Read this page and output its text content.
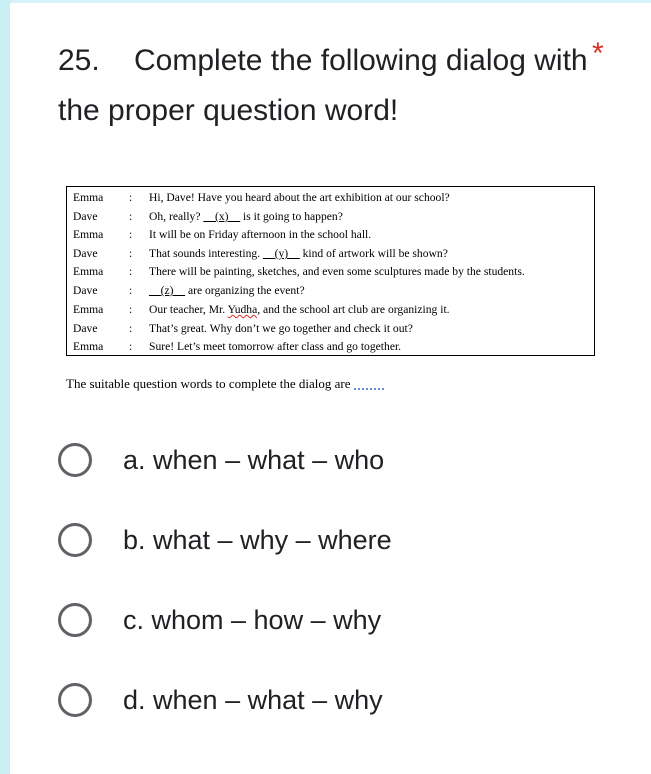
25. Complete the following dialog with the proper question word!
*
Emma : Hi, Dave! Have you heard about the art exhibition at our school?
Dave	: Oh, really? __(x)__ is it going to happen?
Emma : It will be on Friday afternoon in the school hall.
Dave	: That sounds interesting. __(y)__ kind of artwork will be shown?
Emma : There will be painting, sketches, and even some sculptures made by the students.
Dave	: __(z)__ are organizing the event?
Emma : Our teacher, Mr. Yudha, and the school art club are organizing it.
Dave	: That’s great. Why don’t we go together and check it out?
Emma : Sure! Let’s meet tomorrow after class and go together.
The suitable question words to complete the dialog are
a. when – what – who
b. what – why – where
c. whom – how – why
d. when – what – why
